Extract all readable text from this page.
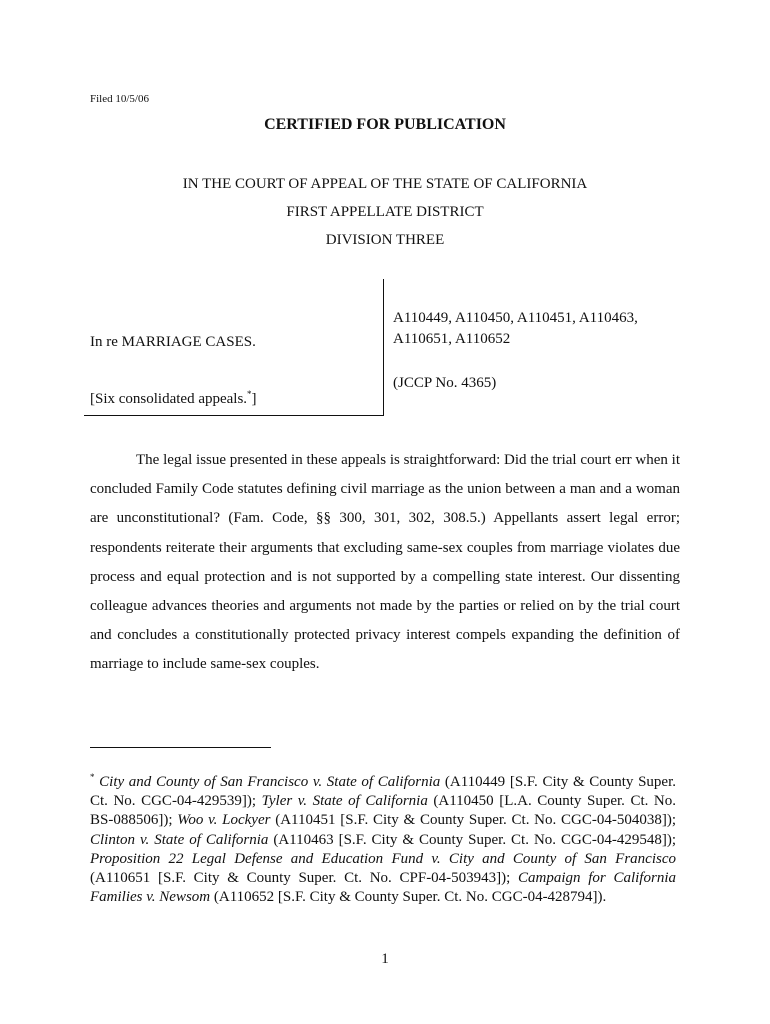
Filed 10/5/06
CERTIFIED FOR PUBLICATION
IN THE COURT OF APPEAL OF THE STATE OF CALIFORNIA
FIRST APPELLATE DISTRICT
DIVISION THREE
In re MARRIAGE CASES.
[Six consolidated appeals.*]
A110449, A110450, A110451, A110463,
A110651, A110652
(JCCP No. 4365)

The legal issue presented in these appeals is straightforward: Did the trial court err when it concluded Family Code statutes defining civil marriage as the union between a man and a woman are unconstitutional? (Fam. Code, §§ 300, 301, 302, 308.5.) Appellants assert legal error; respondents reiterate their arguments that excluding same-sex couples from marriage violates due process and equal protection and is not supported by a compelling state interest. Our dissenting colleague advances theories and arguments not made by the parties or relied on by the trial court and concludes a constitutionally protected privacy interest compels expanding the definition of marriage to include same-sex couples.

* City and County of San Francisco v. State of California (A110449 [S.F. City & County Super. Ct. No. CGC-04-429539]); Tyler v. State of California (A110450 [L.A. County Super. Ct. No. BS-088506]); Woo v. Lockyer (A110451 [S.F. City & County Super. Ct. No. CGC-04-504038]); Clinton v. State of California (A110463 [S.F. City & County Super. Ct. No. CGC-04-429548]); Proposition 22 Legal Defense and Education Fund v. City and County of San Francisco (A110651 [S.F. City & County Super. Ct. No. CPF-04-503943]); Campaign for California Families v. Newsom (A110652 [S.F. City & County Super. Ct. No. CGC-04-428794]).

1
